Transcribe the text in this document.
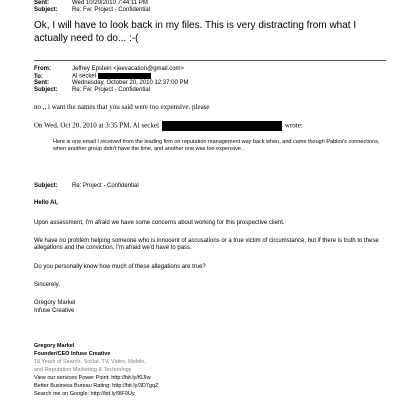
Sent:	Wed 10/20/2010 7:44:11 PM
Subject: Re: Fw: Project - Confidential
Ok, I will have to look back in my files. This is very distracting from what I actually need to do... :-(
From:	Jeffrey Epstein <jeevacation@gmail.com>
To:	Al seckel
Sent:	Wednesday, October 20, 2010 12:37:00 PM
Subject: Re: Fw: Project - Confidential
no ,, i want the names that you said were too expensive. please
On Wed, Oct 20, 2010 at 3:35 PM, Al seckel	wrote:
Here is one email I received from the leading firm on reputation management way back when, and came though Pablos's connections, when another group didn't have the time, and another one was too expensive..
Subject: Re: Project - Confidential
Hello Al,
Upon assessment, I'm afraid we have some concerns about working for this prospective client.
We have no problem helping someone who is innocent of accusations or a true victim of circumstance, but if there is truth to these allegations and the conviction, I'm afraid we'd have to pass.
Do you personally know how much of these allegations are true?
Sincerely,
Gregory Markel
Infuse Creative
Gregory Markel
Founder/CEO Infuse Creative
15 Years of Search, Social, TV, Video, Mobile,
and Reputation Marketing & Technology
View our services Power Point: http://bit.ly/f0JIw
Better Business Bureau Rating: http://bit.ly/3D7gqZ
Search me on Google: http://bit.ly/9lF0Uy
